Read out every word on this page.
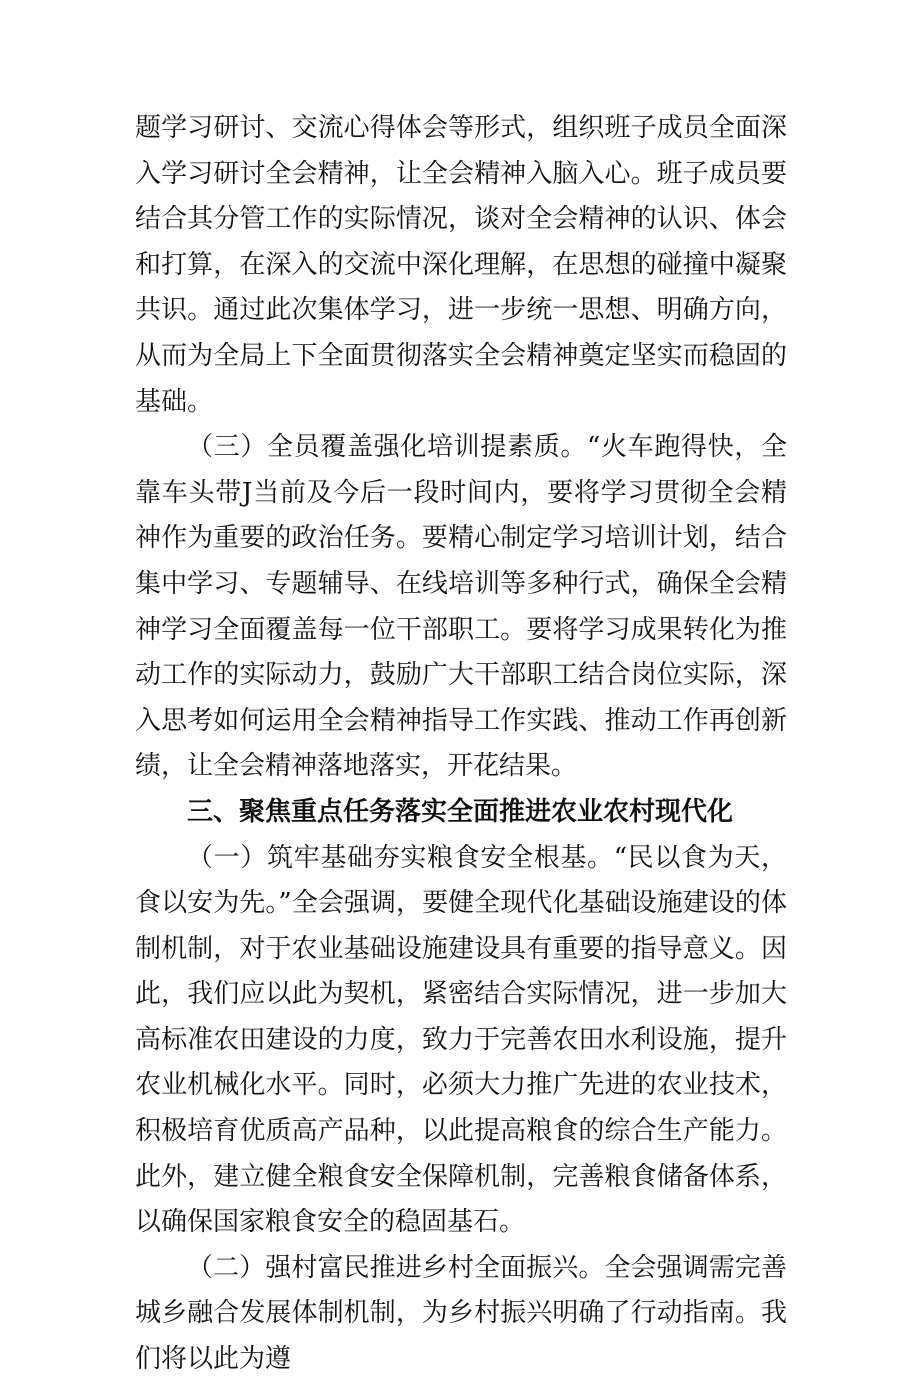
题学习研讨、交流心得体会等形式，组织班子成员全面深入学习研讨全会精神，让全会精神入脑入心。班子成员要结合其分管工作的实际情况，谈对全会精神的认识、体会和打算，在深入的交流中深化理解，在思想的碰撞中凝聚共识。通过此次集体学习，进一步统一思想、明确方向，从而为全局上下全面贯彻落实全会精神奠定坚实而稳固的基础。

（三）全员覆盖强化培训提素质。“火车跑得快，全靠车头带J当前及今后一段时间内，要将学习贯彻全会精神作为重要的政治任务。要精心制定学习培训计划，结合集中学习、专题辅导、在线培训等多种行式，确保全会精神学习全面覆盖每一位干部职工。要将学习成果转化为推动工作的实际动力，鼓励广大干部职工结合岗位实际，深入思考如何运用全会精神指导工作实践、推动工作再创新绩，让全会精神落地落实，开花结果。

三、聚焦重点任务落实全面推进农业农村现代化

（一）筑牢基础夯实粮食安全根基。“民以食为天，食以安为先。”全会强调，要健全现代化基础设施建设的体制机制，对于农业基础设施建设具有重要的指导意义。因此，我们应以此为契机，紧密结合实际情况，进一步加大高标准农田建设的力度，致力于完善农田水利设施，提升农业机械化水平。同时，必须大力推广先进的农业技术，积极培育优质高产品种，以此提高粮食的综合生产能力。此外，建立健全粮食安全保障机制，完善粮食储备体系，以确保国家粮食安全的稳固基石。

（二）强村富民推进乡村全面振兴。全会强调需完善城乡融合发展体制机制，为乡村振兴明确了行动指南。我们将以此为遵
